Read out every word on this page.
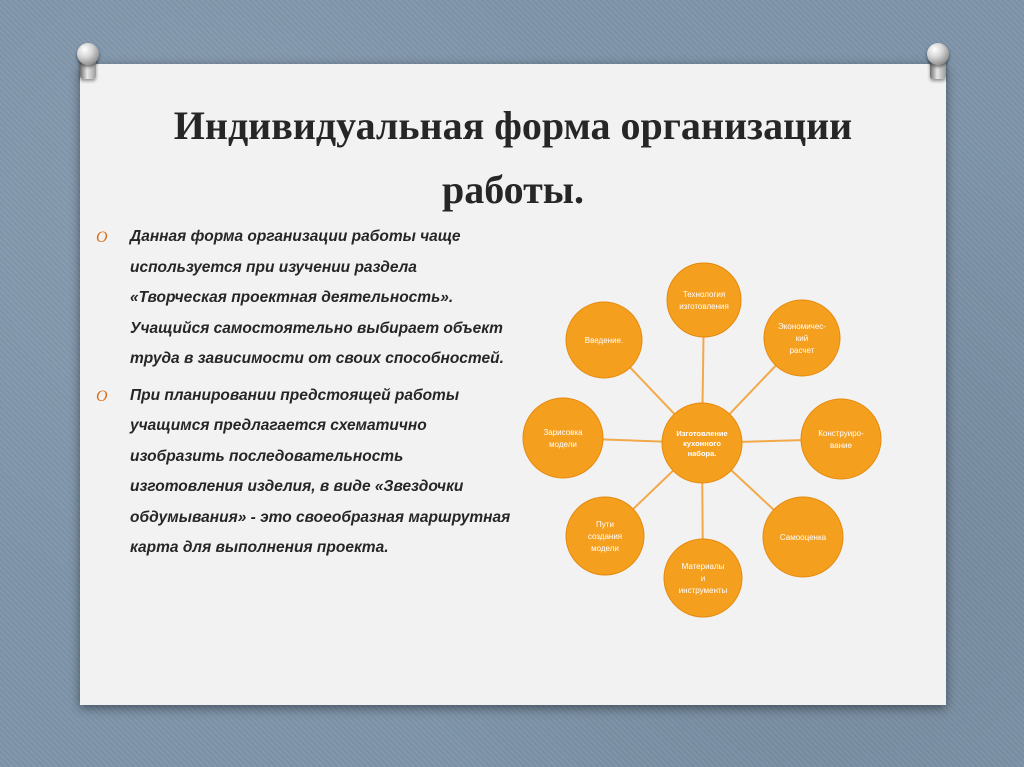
Индивидуальная форма организации
работы.
O Данная форма организации работы чаще используется при изучении раздела «Творческая проектная деятельность». Учащийся самостоятельно выбирает объект труда в зависимости от своих способностей.
O При планировании предстоящей работы учащимся предлагается схематично изобразить последовательность изготовления изделия, в виде «Звездочки обдумывания» - это своеобразная маршрутная карта для выполнения проекта.
Технология
изготовления
Экономичес-
кий
расчет
Конструиро-
вание
Самооценка
Материалы
и
инструменты
Пути
создания
модели
Зарисовка
модели
Введение.
Изготовление
кухонного
набора.
